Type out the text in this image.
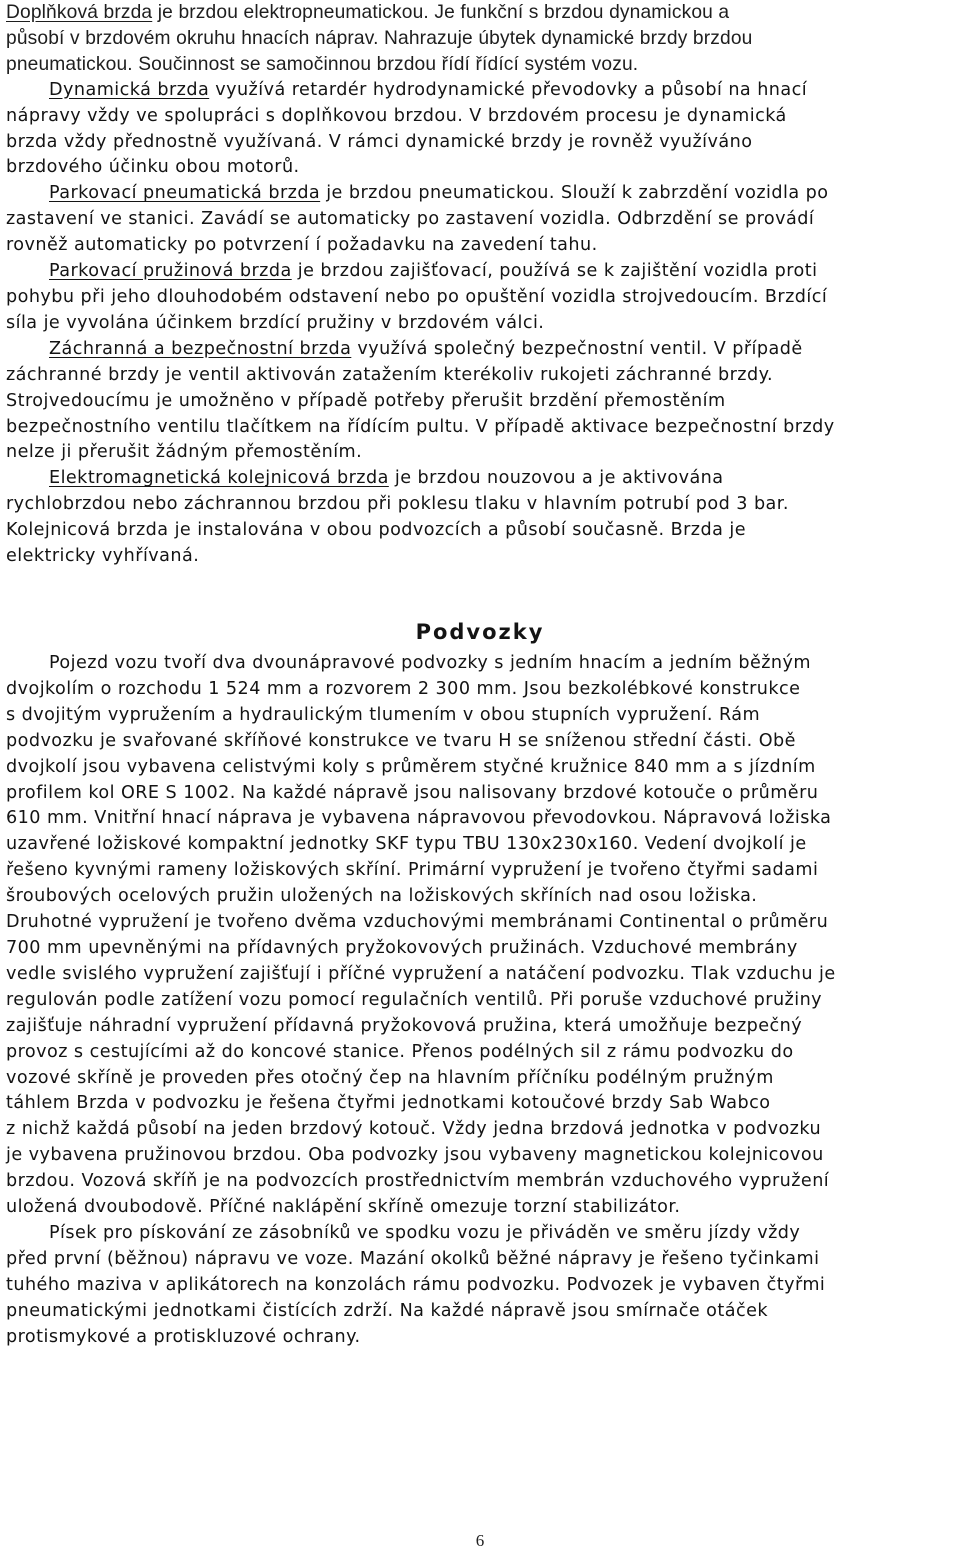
Doplňková brzda je brzdou elektropneumatickou. Je funkční s brzdou dynamickou a

působí v brzdovém okruhu hnacích náprav. Nahrazuje úbytek dynamické brzdy brzdou

pneumatickou. Součinnost se samočinnou brzdou řídí řídící systém vozu.

Dynamická brzda využívá retardér hydrodynamické převodovky a působí na hnací

nápravy vždy ve spolupráci s doplňkovou brzdou. V brzdovém procesu je dynamická

brzda vždy přednostně využívaná. V rámci dynamické brzdy je rovněž využíváno

brzdového účinku obou motorů.

Parkovací pneumatická brzda je brzdou pneumatickou. Slouží k zabrzdění vozidla po

zastavení ve stanici. Zavádí se automaticky po zastavení vozidla. Odbrzdění se provádí

rovněž automaticky po potvrzení í požadavku na zavedení tahu.

Parkovací pružinová brzda je brzdou zajišťovací, používá se k zajištění vozidla proti

pohybu při jeho dlouhodobém odstavení nebo po opuštění vozidla strojvedoucím. Brzdící

síla je vyvolána účinkem brzdící pružiny v brzdovém válci.

Záchranná a bezpečnostní brzda využívá společný bezpečnostní ventil. V případě

záchranné brzdy je ventil aktivován zatažením kterékoliv rukojeti záchranné brzdy.

Strojvedoucímu je umožněno v případě potřeby přerušit brzdění přemostěním

bezpečnostního ventilu tlačítkem na řídícím pultu. V případě aktivace bezpečnostní brzdy

nelze ji přerušit žádným přemostěním.

Elektromagnetická kolejnicová brzda je brzdou nouzovou a je aktivována

rychlobrzdou nebo záchrannou brzdou při poklesu tlaku v hlavním potrubí pod 3 bar.

Kolejnicová brzda je instalována v obou podvozcích a působí současně. Brzda je

elektricky vyhřívaná.

Podvozky

Pojezd vozu tvoří dva dvounápravové podvozky s jedním hnacím a jedním běžným

dvojkolím o rozchodu 1 524 mm a rozvorem 2 300 mm. Jsou bezkolébkové konstrukce

s dvojitým vypružením a hydraulickým tlumením v obou stupních vypružení. Rám

podvozku je svařované skříňové konstrukce ve tvaru H se sníženou střední části. Obě

dvojkolí jsou vybavena celistvými koly s průměrem styčné kružnice 840 mm a s jízdním

profilem kol ORE S 1002. Na každé nápravě jsou nalisovany brzdové kotouče o průměru

610 mm. Vnitřní hnací náprava je vybavena nápravovou převodovkou. Nápravová ložiska

uzavřené ložiskové kompaktní jednotky SKF typu TBU 130x230x160. Vedení dvojkolí je

řešeno kyvnými rameny ložiskových skříní. Primární vypružení je tvořeno čtyřmi sadami

šroubových ocelových pružin uložených na ložiskových skříních nad osou ložiska.

Druhotné vypružení je tvořeno dvěma vzduchovými membránami Continental o průměru

700 mm upevněnými na přídavných pryžokovových pružinách. Vzduchové membrány

vedle svislého vypružení zajišťují i příčné vypružení a natáčení podvozku. Tlak vzduchu je

regulován podle zatížení vozu pomocí regulačních ventilů. Při poruše vzduchové pružiny

zajišťuje náhradní vypružení přídavná pryžokovová pružina, která umožňuje bezpečný

provoz s cestujícími až do koncové stanice. Přenos podélných sil z rámu podvozku do

vozové skříně je proveden přes otočný čep na hlavním příčníku podélným pružným

táhlem Brzda v podvozku je řešena čtyřmi jednotkami kotoučové brzdy Sab Wabco

z nichž každá působí na jeden brzdový kotouč. Vždy jedna brzdová jednotka v podvozku

je vybavena pružinovou brzdou. Oba podvozky jsou vybaveny magnetickou kolejnicovou

brzdou. Vozová skříň je na podvozcích prostřednictvím membrán vzduchového vypružení

uložená dvoubodově. Příčné naklápění skříně omezuje torzní stabilizátor.

Písek pro pískování ze zásobníků ve spodku vozu je přiváděn ve směru jízdy vždy

před první (běžnou) nápravu ve voze. Mazání okolků běžné nápravy je řešeno tyčinkami

tuhého maziva v aplikátorech na konzolách rámu podvozku. Podvozek je vybaven čtyřmi

pneumatickými jednotkami čistících zdrží. Na každé nápravě jsou smírnače otáček

protismykové a protiskluzové ochrany.

6
